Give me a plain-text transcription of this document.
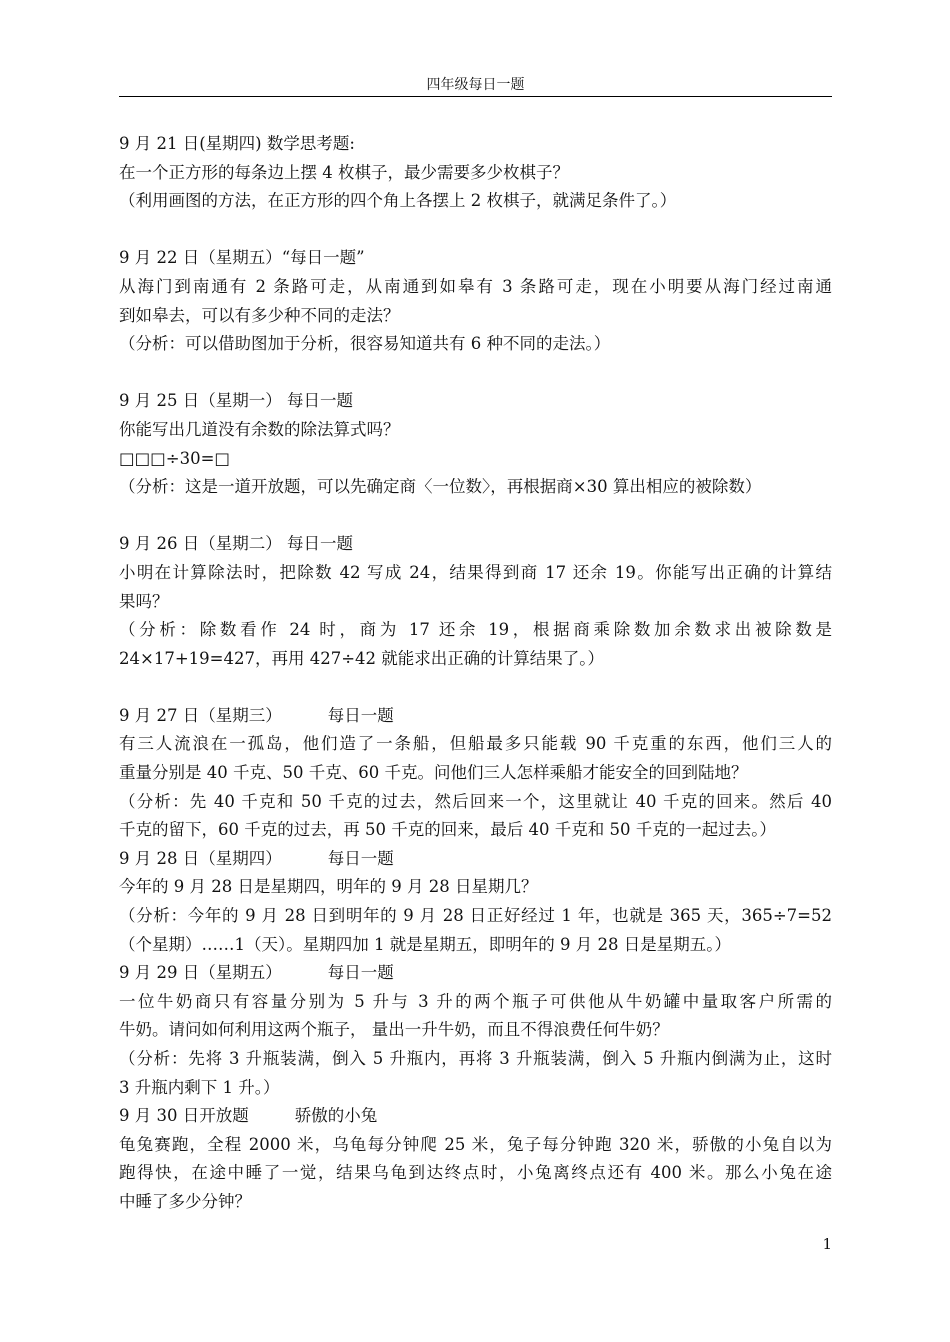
四年级每日一题
9 月 21 日(星期四) 数学思考题:
在一个正方形的每条边上摆 4 枚棋子，最少需要多少枚棋子？
（利用画图的方法，在正方形的四个角上各摆上 2 枚棋子，就满足条件了。）
9 月 22 日（星期五）“每日一题”
从海门到南通有 2 条路可走，从南通到如皋有 3 条路可走，现在小明要从海门经过南通
到如皋去，可以有多少种不同的走法？
（分析：可以借助图加于分析，很容易知道共有 6 种不同的走法。）
9 月 25 日（星期一） 每日一题
你能写出几道没有余数的除法算式吗？
□□□÷30=□
（分析：这是一道开放题，可以先确定商〈一位数〉，再根据商×30 算出相应的被除数）
9 月 26 日（星期二） 每日一题
小明在计算除法时，把除数 42 写成 24，结果得到商 17 还余 19。你能写出正确的计算结
果吗？
（分析：除数看作 24 时，商为 17 还余 19，根据商乘除数加余数求出被除数是
24×17+19=427，再用 427÷42 就能求出正确的计算结果了。）
9 月 27 日（星期三）	每日一题
有三人流浪在一孤岛，他们造了一条船，但船最多只能载 90 千克重的东西，他们三人的
重量分别是 40 千克、50 千克、60 千克。问他们三人怎样乘船才能安全的回到陆地？
（分析：先 40 千克和 50 千克的过去，然后回来一个，这里就让 40 千克的回来。然后 40
千克的留下，60 千克的过去，再 50 千克的回来，最后 40 千克和 50 千克的一起过去。）
9 月 28 日（星期四）	每日一题
今年的 9 月 28 日是星期四，明年的 9 月 28 日星期几？
（分析：今年的 9 月 28 日到明年的 9 月 28 日正好经过 1 年，也就是 365 天，365÷7=52
（个星期）……1（天）。星期四加 1 就是星期五，即明年的 9 月 28 日是星期五。）
9 月 29 日（星期五）	每日一题
一位牛奶商只有容量分别为 5 升与 3 升的两个瓶子可供他从牛奶罐中量取客户所需的
牛奶。请问如何利用这两个瓶子， 量出一升牛奶，而且不得浪费任何牛奶？
（分析：先将 3 升瓶装满，倒入 5 升瓶内，再将 3 升瓶装满，倒入 5 升瓶内倒满为止，这时
3 升瓶内剩下 1 升。）
9 月 30 日开放题	骄傲的小兔
龟兔赛跑，全程 2000 米，乌龟每分钟爬 25 米，兔子每分钟跑 320 米，骄傲的小兔自以为
跑得快，在途中睡了一觉，结果乌龟到达终点时，小兔离终点还有 400 米。那么小兔在途
中睡了多少分钟？
1
